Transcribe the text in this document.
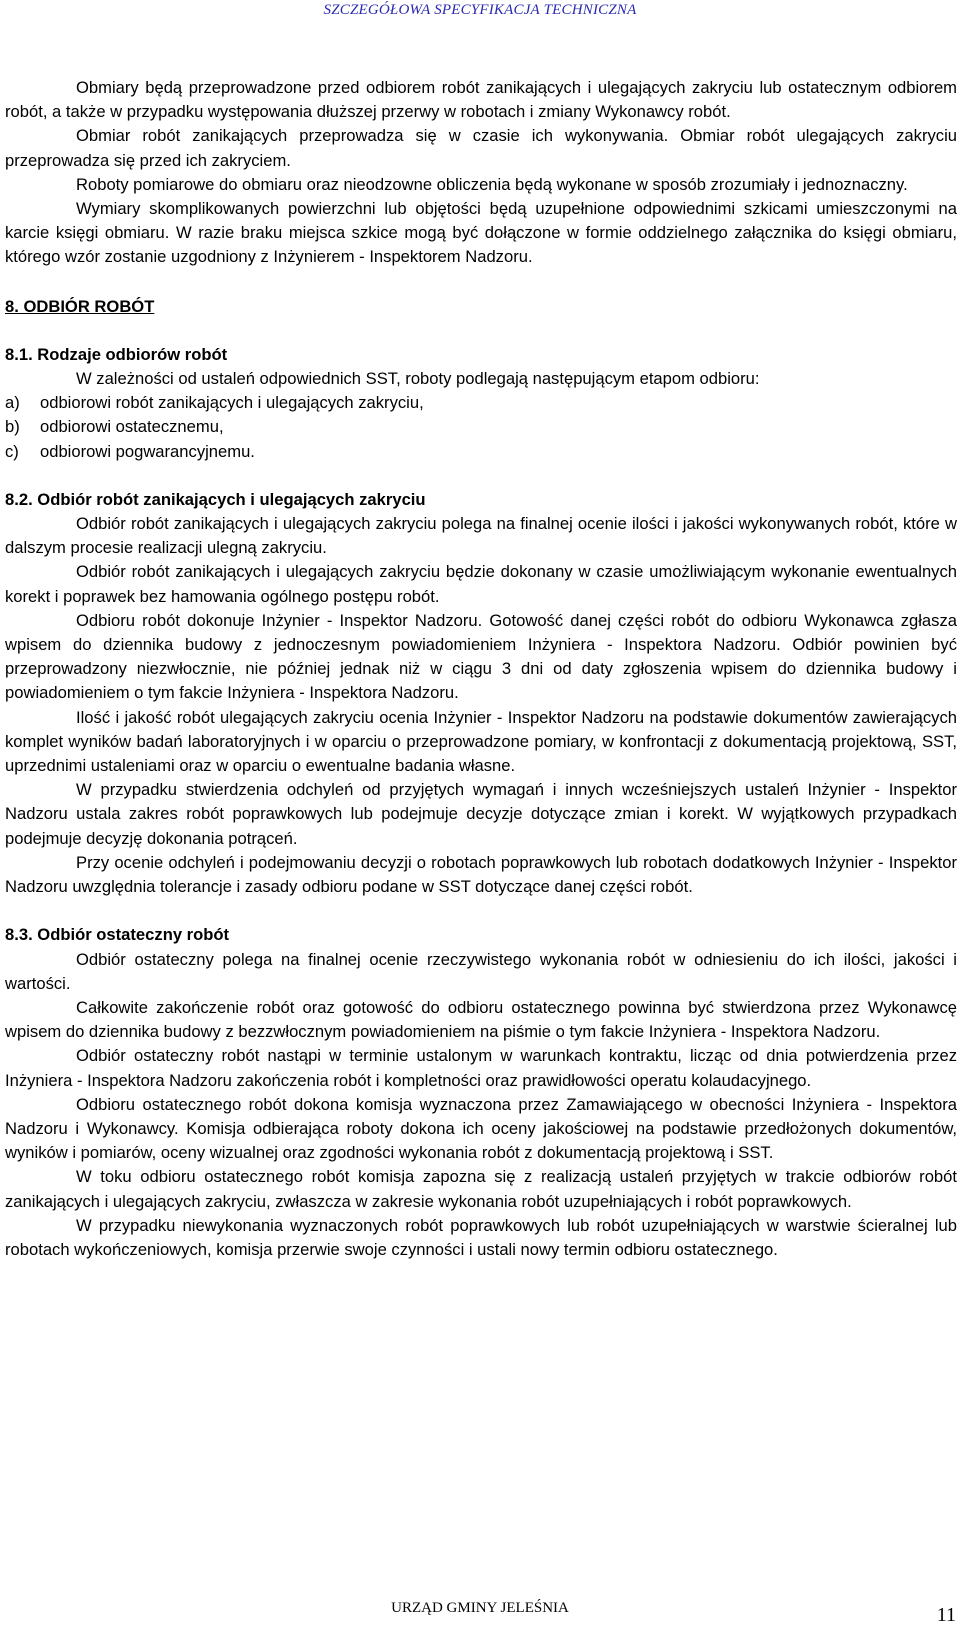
SZCZEGÓŁOWA SPECYFIKACJA TECHNICZNA

Obmiary będą przeprowadzone przed odbiorem robót zanikających i ulegających zakryciu lub ostatecznym odbiorem robót, a także w przypadku występowania dłuższej przerwy w robotach i zmiany Wykonawcy robót.

Obmiar robót zanikających przeprowadza się w czasie ich wykonywania. Obmiar robót ulegających zakryciu przeprowadza się przed ich zakryciem.

Roboty pomiarowe do obmiaru oraz nieodzowne obliczenia będą wykonane w sposób zrozumiały i jednoznaczny.

Wymiary skomplikowanych powierzchni lub objętości będą uzupełnione odpowiednimi szkicami umieszczonymi na karcie księgi obmiaru. W razie braku miejsca szkice mogą być dołączone w formie oddzielnego załącznika do księgi obmiaru, którego wzór zostanie uzgodniony z Inżynierem - Inspektorem Nadzoru.

8. ODBIÓR ROBÓT

8.1. Rodzaje odbiorów robót

W zależności od ustaleń odpowiednich SST, roboty podlegają następującym etapom odbioru:

a)	odbiorowi robót zanikających i ulegających zakryciu,
b)	odbiorowi ostatecznemu,
c)	odbiorowi pogwarancyjnemu.

8.2. Odbiór robót zanikających i ulegających zakryciu

Odbiór robót zanikających i ulegających zakryciu polega na finalnej ocenie ilości i jakości wykonywanych robót, które w dalszym procesie realizacji ulegną zakryciu.

Odbiór robót zanikających i ulegających zakryciu będzie dokonany w czasie umożliwiającym wykonanie ewentualnych korekt i poprawek bez hamowania ogólnego postępu robót.

Odbioru robót dokonuje Inżynier - Inspektor Nadzoru. Gotowość danej części robót do odbioru Wykonawca zgłasza wpisem do dziennika budowy z jednoczesnym powiadomieniem Inżyniera - Inspektora Nadzoru. Odbiór powinien być przeprowadzony niezwłocznie, nie później jednak niż w ciągu 3 dni od daty zgłoszenia wpisem do dziennika budowy i powiadomieniem o tym fakcie Inżyniera - Inspektora Nadzoru.

Ilość i jakość robót ulegających zakryciu ocenia Inżynier - Inspektor Nadzoru na podstawie dokumentów zawierających komplet wyników badań laboratoryjnych i w oparciu o przeprowadzone pomiary, w konfrontacji z dokumentacją projektową, SST, uprzednimi ustaleniami oraz w oparciu o ewentualne badania własne.

W przypadku stwierdzenia odchyleń od przyjętych wymagań i innych wcześniejszych ustaleń Inżynier - Inspektor Nadzoru ustala zakres robót poprawkowych lub podejmuje decyzje dotyczące zmian i korekt. W wyjątkowych przypadkach podejmuje decyzję dokonania potrąceń.

Przy ocenie odchyleń i podejmowaniu decyzji o robotach poprawkowych lub robotach dodatkowych Inżynier - Inspektor Nadzoru uwzględnia tolerancje i zasady odbioru podane w SST dotyczące danej części robót.

8.3. Odbiór ostateczny robót

Odbiór ostateczny polega na finalnej ocenie rzeczywistego wykonania robót w odniesieniu do ich ilości, jakości i wartości.

Całkowite zakończenie robót oraz gotowość do odbioru ostatecznego powinna być stwierdzona przez Wykonawcę wpisem do dziennika budowy z bezzwłocznym powiadomieniem na piśmie o tym fakcie Inżyniera - Inspektora Nadzoru.

Odbiór ostateczny robót nastąpi w terminie ustalonym w warunkach kontraktu, licząc od dnia potwierdzenia przez Inżyniera - Inspektora Nadzoru zakończenia robót i kompletności oraz prawidłowości operatu kolaudacyjnego.

Odbioru ostatecznego robót dokona komisja wyznaczona przez Zamawiającego w obecności Inżyniera - Inspektora Nadzoru i Wykonawcy. Komisja odbierająca roboty dokona ich oceny jakościowej na podstawie przedłożonych dokumentów, wyników i pomiarów, oceny wizualnej oraz zgodności wykonania robót z dokumentacją projektową i SST.

W toku odbioru ostatecznego robót komisja zapozna się z realizacją ustaleń przyjętych w trakcie odbiorów robót zanikających i ulegających zakryciu, zwłaszcza w zakresie wykonania robót uzupełniających i robót poprawkowych.

W przypadku niewykonania wyznaczonych robót poprawkowych lub robót uzupełniających w warstwie ścieralnej lub robotach wykończeniowych, komisja przerwie swoje czynności i ustali nowy termin odbioru ostatecznego.

URZĄD GMINY JELEŚNIA	11
